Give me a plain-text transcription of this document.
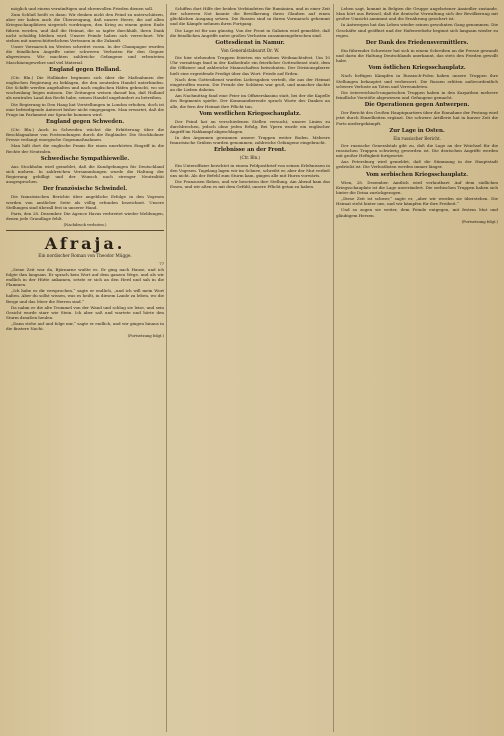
möglich und einem vernünftigen und ehrenvollen Frieden dienen soll.

Zum Schluß heißt es dann: Wir denken nicht den Feind zu unterschätzen, aber wir haben auch die Überzeugung, daß unsere Heere, die auf allen Kriegsschauplätzen siegreich vordringen, den Krieg zu einem guten Ende führen werden, und daß die Heimat, die so tapfer durchhält, ihren Dank nicht schuldig bleiben wird. Unsere Feinde haben sich verrechnet. Wir stehen mit unerschütterlichem Vertrauen in die Zukunft.

Unser Vormarsch im Westen schreitet voran. In der Champagne wurden die feindlichen Angriffe unter schweren Verlusten für den Gegner abgewiesen. Wir machten zahlreiche Gefangene und erbeuteten Maschinengewehre und viel Material.

England gegen Holland.

(Ctr. Bln.) Die Holländer beginnen sich über die Maßnahmen der englischen Regierung zu beklagen, die den neutralen Handel unterbinden. Die Schiffe werden angehalten und nach englischen Häfen gebracht, wo sie wochenlang liegen müssen. Die Zeitungen weisen darauf hin, daß Holland als neutrales Land das Recht habe, seinen Handel ungehindert zu betreiben.

Die Regierung in Den Haag hat Vorstellungen in London erhoben, doch ist eine befriedigende Antwort bisher nicht eingegangen. Man erwartet, daß die Frage im Parlament zur Sprache kommen wird.

England gegen Schweden.

(Ctr. Bln.) Auch in Schweden wächst die Erbitterung über die Beschlagnahme von Postsendungen durch die Engländer. Die Stockholmer Presse verlangt energische Gegenmaßnahmen.

Man hält dort die englische Praxis für einen unerhörten Eingriff in die Rechte der Neutralen.

Schwedische Sympathiewelle.

Aus Stockholm wird gemeldet, daß die Kundgebungen für Deutschland sich mehren. In zahlreichen Versammlungen wurde die Haltung der Regierung gebilligt und der Wunsch nach strenger Neutralität ausgesprochen.

Der französische Schwindel.

Die französischen Berichte über angebliche Erfolge in den Vogesen werden von amtlicher Seite als völlig erfunden bezeichnet. Unsere Stellungen sind überall fest in unserer Hand.

Paris, den 28. Dezember. Die Agence Havas verbreitet wieder Meldungen, denen jede Grundlage fehlt.

(Nachdruck verboten.)
Afraja.
Ein nordischer Roman von Theodor Mügge.
77

„Seine Zeit war da, Björnarne wußte es. Er ging nach Hause, und ich folgte ihm langsam. Er sprach kein Wort auf dem ganzen Wege, und als wir endlich in der Hütte ankamen, setzte er sich an den Herd und sah in die Flammen.

„Ich habe es dir versprochen,“ sagte er endlich, „und ich will mein Wort halten. Aber du sollst wissen, was es heißt, in diesem Lande zu leben, wo die Berge und das Meer die Herren sind.“

Da nahm er die alte Trommel von der Wand und schlug sie leise, und sein Gesicht wurde starr wie Stein. Ich aber saß und wartete und hörte den Sturm draußen heulen.

„Dann stehe auf und folge mir,“ sagte er endlich, und wir gingen hinaus in die finstere Nacht.

(Fortsetzung folgt.)

Schiffen dort Hilfe der beiden Verbündeten für Rumänien, und in einer Zeit der schweren Not konnte die Bevölkerung ihren Glauben auf einen glücklichen Ausgang setzen. Die Russen sind in ihrem Vormarsch gehemmt und die Kämpfe nehmen ihren Fortgang.

Die Lage ist für uns günstig. Von der Front in Galizien wird gemeldet, daß die feindlichen Angriffe unter großen Verlusten zusammengebrochen sind.

Gottesdienst in Namur.
Von Generalstabsarzt Dr. W.

Die hier stehenden Truppen feierten ein schönes Weihnachtsfest. Um 10 Uhr vormittags fand in der Kathedrale ein feierlicher Gottesdienst statt, dem die Offiziere und zahlreiche Mannschaften beiwohnten. Der Divisionspfarrer hielt eine ergreifende Predigt über das Wort: Friede auf Erden.

Nach dem Gottesdienst wurden Liebesgaben verteilt, die aus der Heimat eingetroffen waren. Die Freude der Soldaten war groß, und mancher dachte an die Lieben daheim.

Am Nachmittag fand eine Feier im Offizierskasino statt, bei der die Kapelle des Regiments spielte. Der Kommandierende sprach Worte des Dankes an alle, die fern der Heimat ihre Pflicht tun.

Vom westlichen Kriegsschauplatz.

Der Feind hat an verschiedenen Stellen versucht, unsere Linien zu durchbrechen, jedoch ohne jeden Erfolg. Bei Ypern wurde ein englischer Angriff im Nahkampf abgeschlagen.

In den Argonnen gewannen unsere Truppen weiter Boden. Mehrere französische Gräben wurden genommen, zahlreiche Gefangene eingebracht.

Erlebnisse an der Front.
(Ctr. Bln.)

Ein Unteroffizier berichtet in einem Feldpostbrief von seinen Erlebnissen in den Vogesen. Tagelang lagen wir im Schnee, schreibt er, aber der Mut verließ uns nicht. Als der Befehl zum Sturm kam, gingen alle mit Hurra vorwärts.

Die Franzosen flohen, und wir besetzten ihre Stellung. Am Abend kam das Essen, und wir aßen es mit dem Gefühl, unsere Pflicht getan zu haben.

Leben sagt, kommt in Belgien die Gruppe angebotener Ansiedler zustande. Man hört aus Brüssel, daß die deutsche Verwaltung sich der Bevölkerung mit großer Umsicht annimmt und die Ernährung gesichert ist.

In Antwerpen hat das Leben wieder seinen gewohnten Gang genommen. Die Geschäfte sind geöffnet und der Hafenverkehr beginnt sich langsam wieder zu regen.

Der Dank des Friedensvermittlers.

Ein führender Schweizer hat sich in einem Schreiben an die Presse gewandt und darin die Haltung Deutschlands anerkannt, das stets den Frieden gewollt habe.

Vom östlichen Kriegsschauplatz.

Nach heftigen Kämpfen in Russisch-Polen haben unsere Truppen ihre Stellungen behauptet und verbessert. Die Russen erlitten außerordentlich schwere Verluste an Toten und Verwundeten.

Die österreichisch-ungarischen Truppen haben in den Karpathen mehrere feindliche Vorstöße abgewiesen und Gefangene gemacht.

Die Operationen gegen Antwerpen.

Der Bericht des Großen Hauptquartiers über die Einnahme der Festung wird jetzt durch Einzelheiten ergänzt. Die schwere Artillerie hat in kurzer Zeit die Forts niedergekämpft.

Zur Lage in Osten.
Ein russischer Bericht.

Der russische Generalstab gibt zu, daß die Lage an der Weichsel für die russischen Truppen schwierig geworden ist. Die deutschen Angriffe werden mit großer Heftigkeit fortgesetzt.

Aus Petersburg wird gemeldet, daß die Stimmung in der Hauptstadt gedrückt ist. Die Verlustlisten werden immer länger.

Vom serbischen Kriegsschauplatz.

Wien, 28. Dezember. Amtlich wird verlautbart: Auf dem südlichen Kriegsschauplatz ist die Lage unverändert. Die serbischen Truppen haben sich hinter die Drina zurückgezogen.

„Diese Zeit ist schwer,“ sagte er, „aber wir werden sie überstehen. Die Heimat steht hinter uns, und wir kämpfen für ihre Freiheit.“

Und so zogen sie weiter, dem Feinde entgegen, mit festem Mut und gläubigem Herzen.

(Fortsetzung folgt.)
